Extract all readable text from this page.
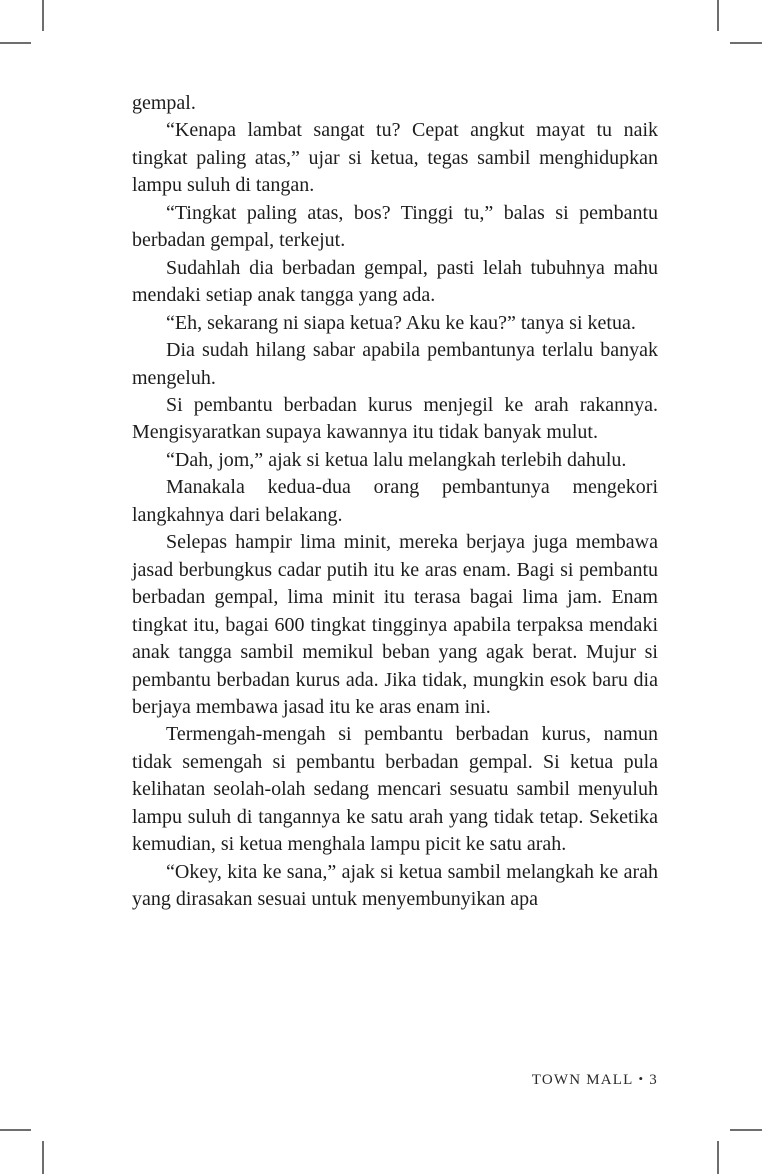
gempal.

“Kenapa lambat sangat tu? Cepat angkut mayat tu naik tingkat paling atas,” ujar si ketua, tegas sambil menghidupkan lampu suluh di tangan.

“Tingkat paling atas, bos? Tinggi tu,” balas si pembantu berbadan gempal, terkejut.

Sudahlah dia berbadan gempal, pasti lelah tubuhnya mahu mendaki setiap anak tangga yang ada.

“Eh, sekarang ni siapa ketua? Aku ke kau?” tanya si ketua.

Dia sudah hilang sabar apabila pembantunya terlalu banyak mengeluh.

Si pembantu berbadan kurus menjegil ke arah rakannya. Mengisyaratkan supaya kawannya itu tidak banyak mulut.

“Dah, jom,” ajak si ketua lalu melangkah terlebih dahulu.

Manakala kedua-dua orang pembantunya mengekori langkahnya dari belakang.

Selepas hampir lima minit, mereka berjaya juga membawa jasad berbungkus cadar putih itu ke aras enam. Bagi si pembantu berbadan gempal, lima minit itu terasa bagai lima jam. Enam tingkat itu, bagai 600 tingkat tingginya apabila terpaksa mendaki anak tangga sambil memikul beban yang agak berat. Mujur si pembantu berbadan kurus ada. Jika tidak, mungkin esok baru dia berjaya membawa jasad itu ke aras enam ini.

Termengah-mengah si pembantu berbadan kurus, namun tidak semengah si pembantu berbadan gempal. Si ketua pula kelihatan seolah-olah sedang mencari sesuatu sambil menyuluh lampu suluh di tangannya ke satu arah yang tidak tetap. Seketika kemudian, si ketua menghala lampu picit ke satu arah.

“Okey, kita ke sana,” ajak si ketua sambil melangkah ke arah yang dirasakan sesuai untuk menyembunyikan apa

TOWN MALL • 3
